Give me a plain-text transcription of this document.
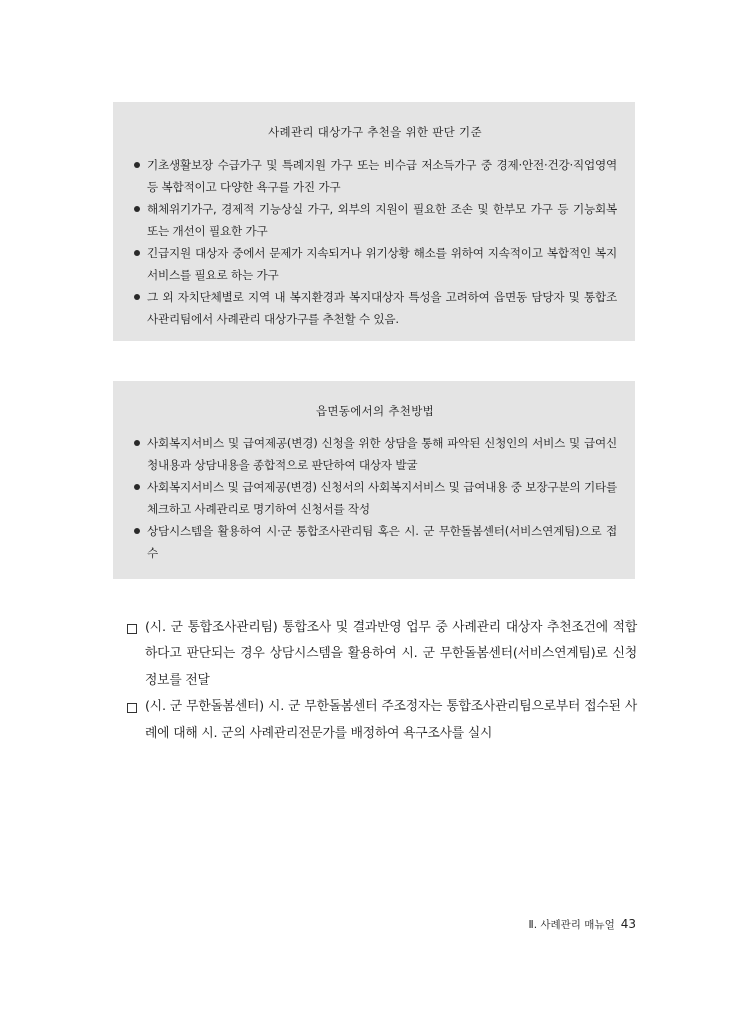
사례관리 대상가구 추천을 위한 판단 기준
기초생활보장 수급가구 및 특례지원 가구 또는 비수급 저소득가구 중 경제·안전·건강·직업영역 등 복합적이고 다양한 욕구를 가진 가구
해체위기가구, 경제적 기능상실 가구, 외부의 지원이 필요한 조손 및 한부모 가구 등 기능회복 또는 개선이 필요한 가구
긴급지원 대상자 중에서 문제가 지속되거나 위기상황 해소를 위하여 지속적이고 복합적인 복지서비스를 필요로 하는 가구
그 외 자치단체별로 지역 내 복지환경과 복지대상자 특성을 고려하여 읍면동 담당자 및 통합조사관리팀에서 사례관리 대상가구를 추천할 수 있음.
읍면동에서의 추천방법
사회복지서비스 및 급여제공(변경) 신청을 위한 상담을 통해 파악된 신청인의 서비스 및 급여신청내용과 상담내용을 종합적으로 판단하여 대상자 발굴
사회복지서비스 및 급여제공(변경) 신청서의 사회복지서비스 및 급여내용 중 보장구분의 기타를 체크하고 사례관리로 명기하여 신청서를 작성
상담시스템을 활용하여 시·군 통합조사관리팀 혹은 시. 군 무한돌봄센터(서비스연계팀)으로 접수
(시. 군 통합조사관리팀) 통합조사 및 결과반영 업무 중 사례관리 대상자 추천조건에 적합하다고 판단되는 경우 상담시스템을 활용하여 시. 군 무한돌봄센터(서비스연계팀)로 신청정보를 전달
(시. 군 무한돌봄센터) 시. 군 무한돌봄센터 주조정자는 통합조사관리팀으로부터 접수된 사례에 대해 시. 군의 사례관리전문가를 배정하여 욕구조사를 실시
Ⅱ. 사례관리 매뉴얼 43
